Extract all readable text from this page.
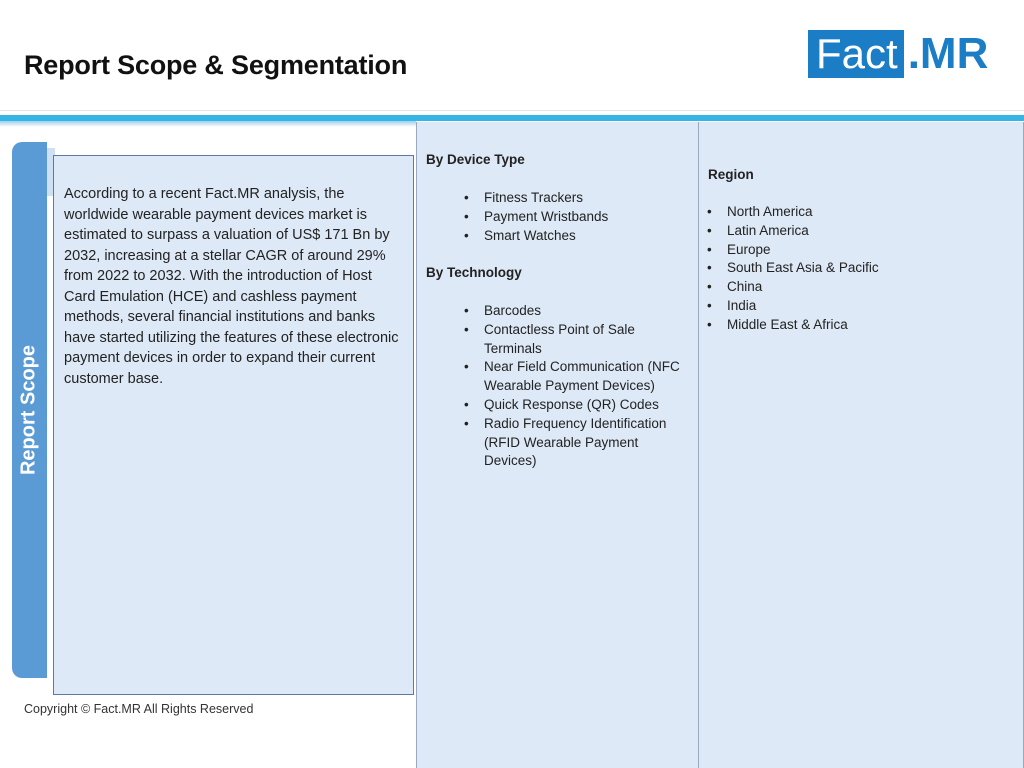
Report Scope & Segmentation	Fact .MR
Report Scope
According to a recent Fact.MR analysis, the worldwide wearable payment devices market is estimated to surpass a valuation of US$ 171 Bn by 2032, increasing at a stellar CAGR of around 29% from 2022 to 2032. With the introduction of Host Card Emulation (HCE) and cashless payment methods, several financial institutions and banks have started utilizing the features of these electronic payment devices in order to expand their current customer base.
By Device Type
• Fitness Trackers
• Payment Wristbands
• Smart Watches
By Technology
• Barcodes
• Contactless Point of Sale Terminals
• Near Field Communication (NFC Wearable Payment Devices)
• Quick Response (QR) Codes
• Radio Frequency Identification (RFID Wearable Payment Devices)
Region
• North America
• Latin America
• Europe
• South East Asia & Pacific
• China
• India
• Middle East & Africa
Copyright © Fact.MR All Rights Reserved
